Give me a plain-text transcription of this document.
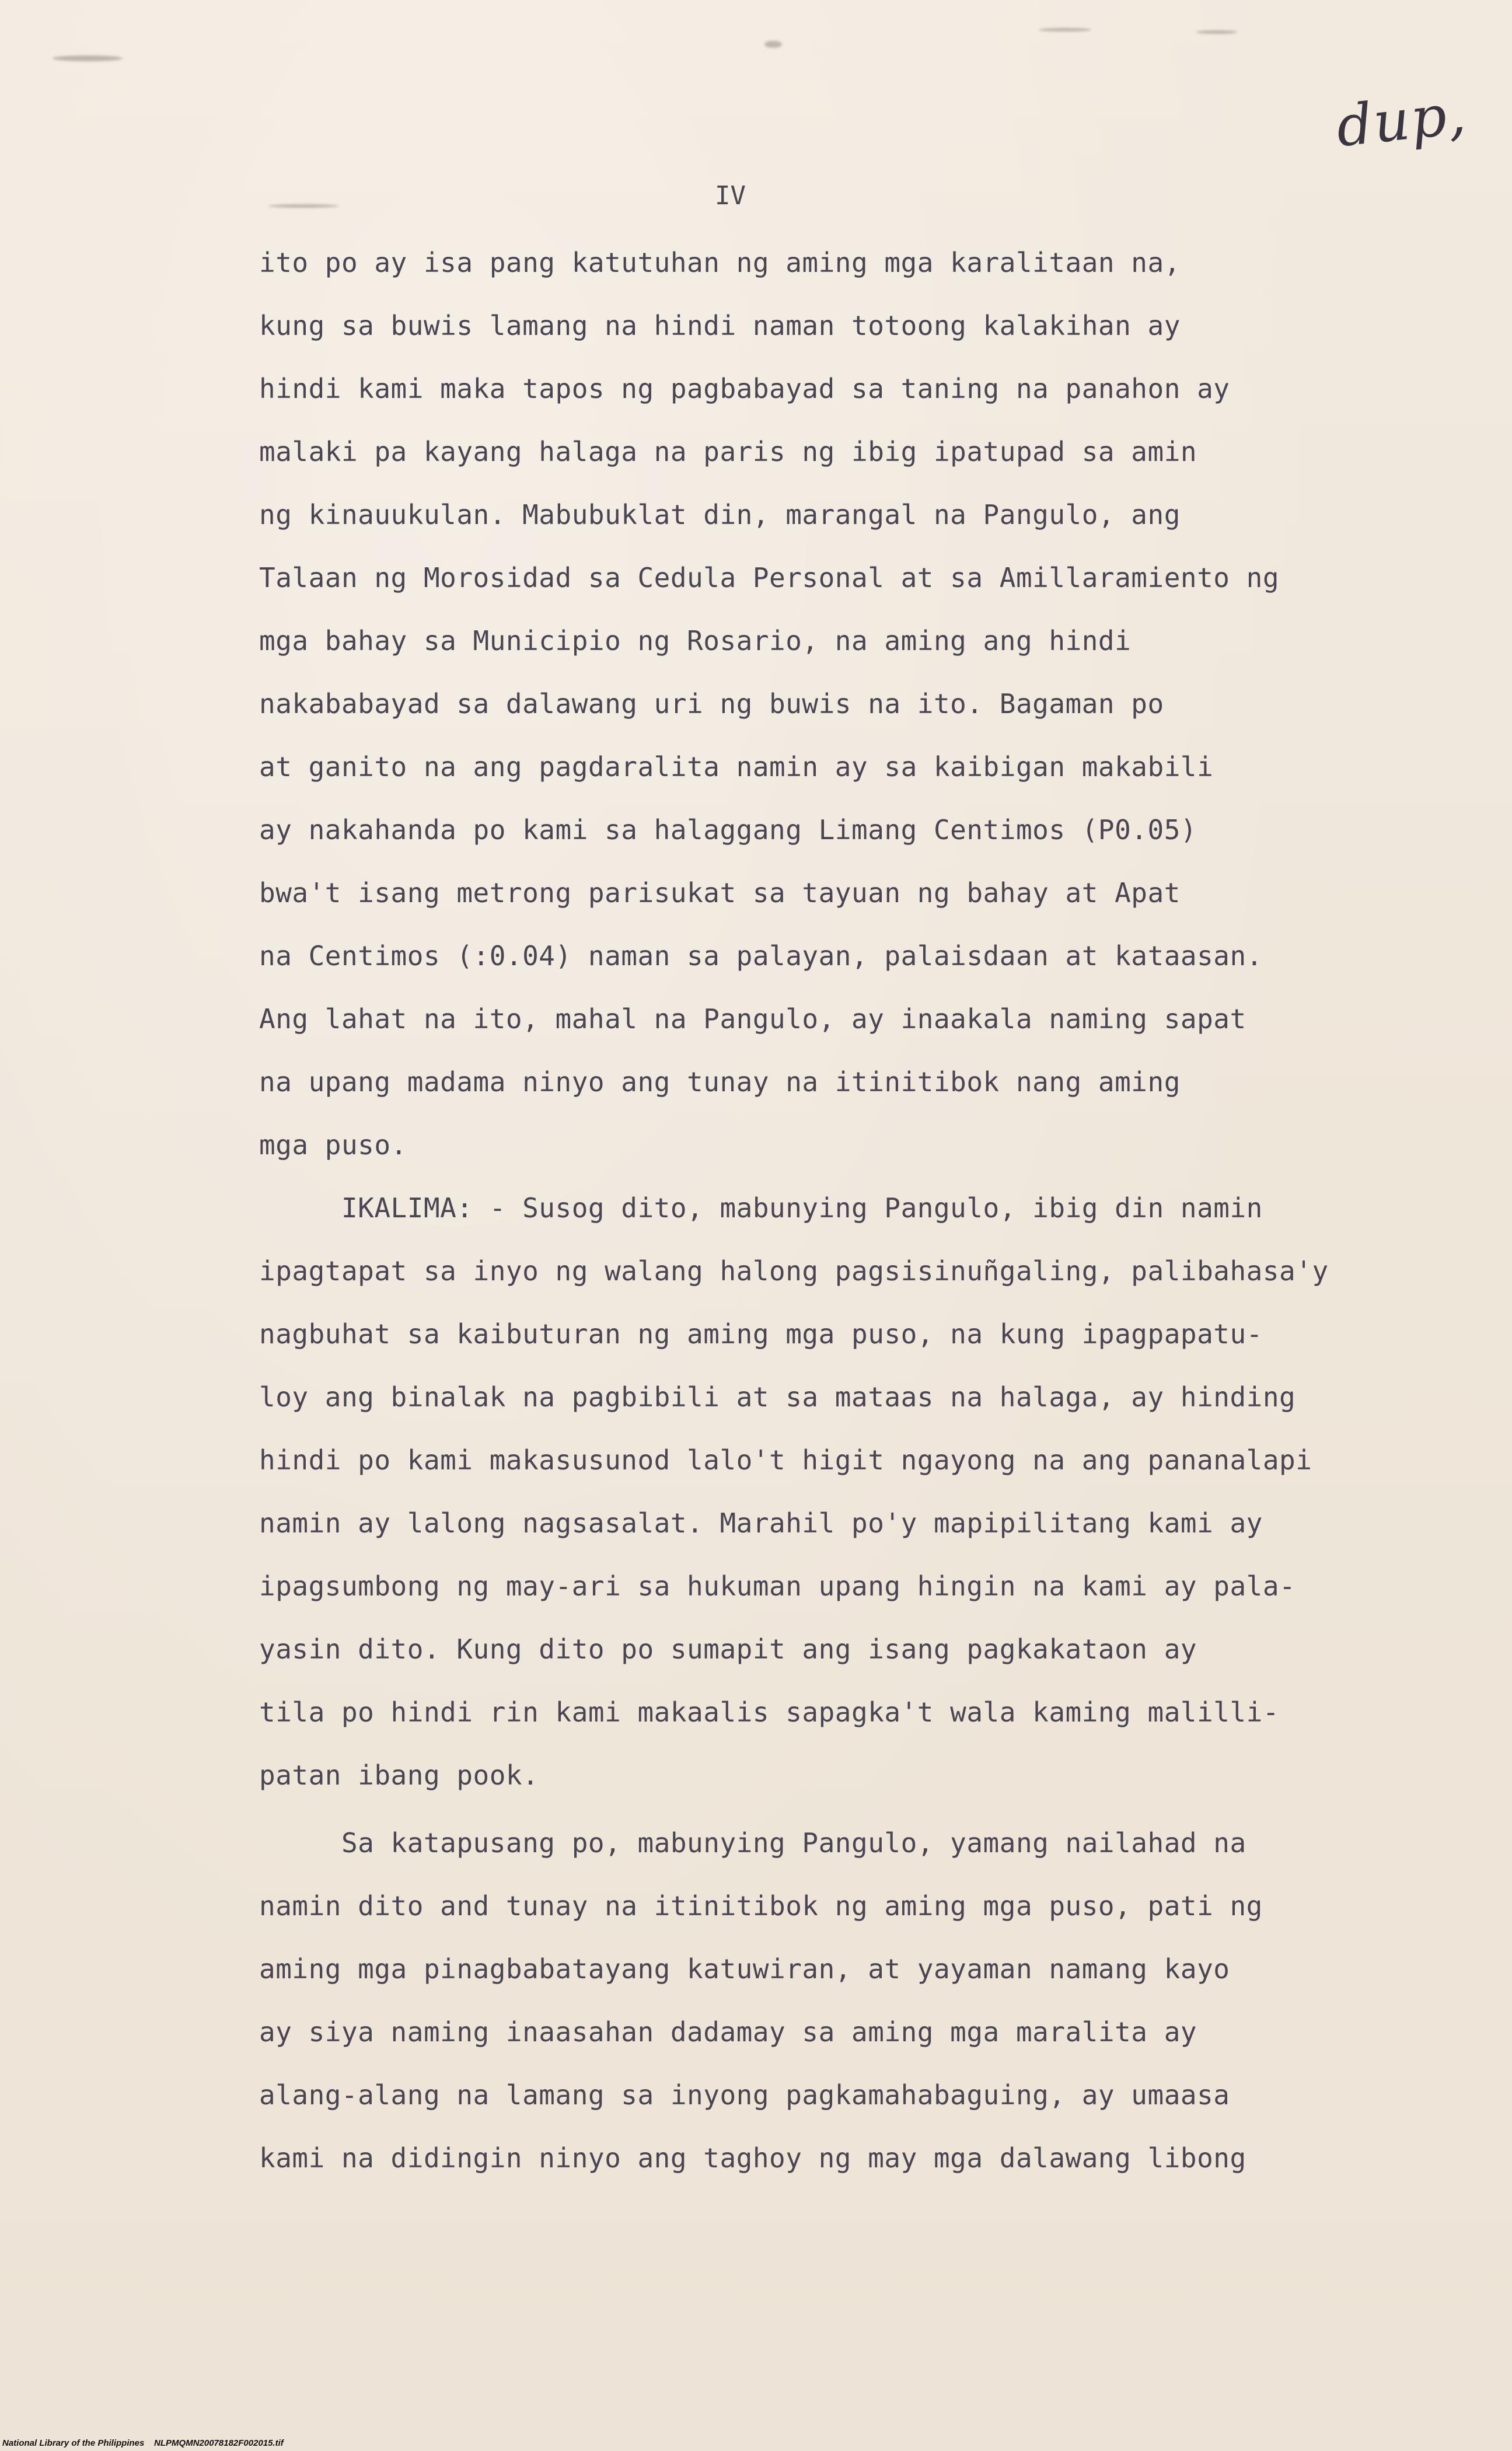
dup,
IV
ito po ay isa pang katutuhan ng aming mga karalitaan na,
kung sa buwis lamang na hindi naman totoong kalakihan ay
hindi kami maka tapos ng pagbabayad sa taning na panahon ay
malaki pa kayang halaga na paris ng ibig ipatupad sa amin
ng kinauukulan. Mabubuklat din, marangal na Pangulo, ang
Talaan ng Morosidad sa Cedula Personal at sa Amillaramiento ng
mga bahay sa Municipio ng Rosario, na aming ang hindi
nakababayad sa dalawang uri ng buwis na ito. Bagaman po
at ganito na ang pagdaralita namin ay sa kaibigan makabili
ay nakahanda po kami sa halaggang Limang Centimos (P0.05)
bwa't isang metrong parisukat sa tayuan ng bahay at Apat
na Centimos (:0.04) naman sa palayan, palaisdaan at kataasan.
Ang lahat na ito, mahal na Pangulo, ay inaakala naming sapat
na upang madama ninyo ang tunay na itinitibok nang aming
mga puso.
IKALIMA: - Susog dito, mabunying Pangulo, ibig din namin
ipagtapat sa inyo ng walang halong pagsisinuñgaling, palibahasa'y
nagbuhat sa kaibuturan ng aming mga puso, na kung ipagpapatu-
loy ang binalak na pagbibili at sa mataas na halaga, ay hinding
hindi po kami makasusunod lalo't higit ngayong na ang pananalapi
namin ay lalong nagsasalat. Marahil po'y mapipilitang kami ay
ipagsumbong ng may-ari sa hukuman upang hingin na kami ay pala-
yasin dito. Kung dito po sumapit ang isang pagkakataon ay
tila po hindi rin kami makaalis sapagka't wala kaming malilli-
patan ibang pook.
Sa katapusang po, mabunying Pangulo, yamang nailahad na
namin dito and tunay na itinitibok ng aming mga puso, pati ng
aming mga pinagbabatayang katuwiran, at yayaman namang kayo
ay siya naming inaasahan dadamay sa aming mga maralita ay
alang-alang na lamang sa inyong pagkamahabaguing, ay umaasa
kami na didingin ninyo ang taghoy ng may mga dalawang libong
National Library of the Philippines    NLPMQMN20078182F002015.tif
